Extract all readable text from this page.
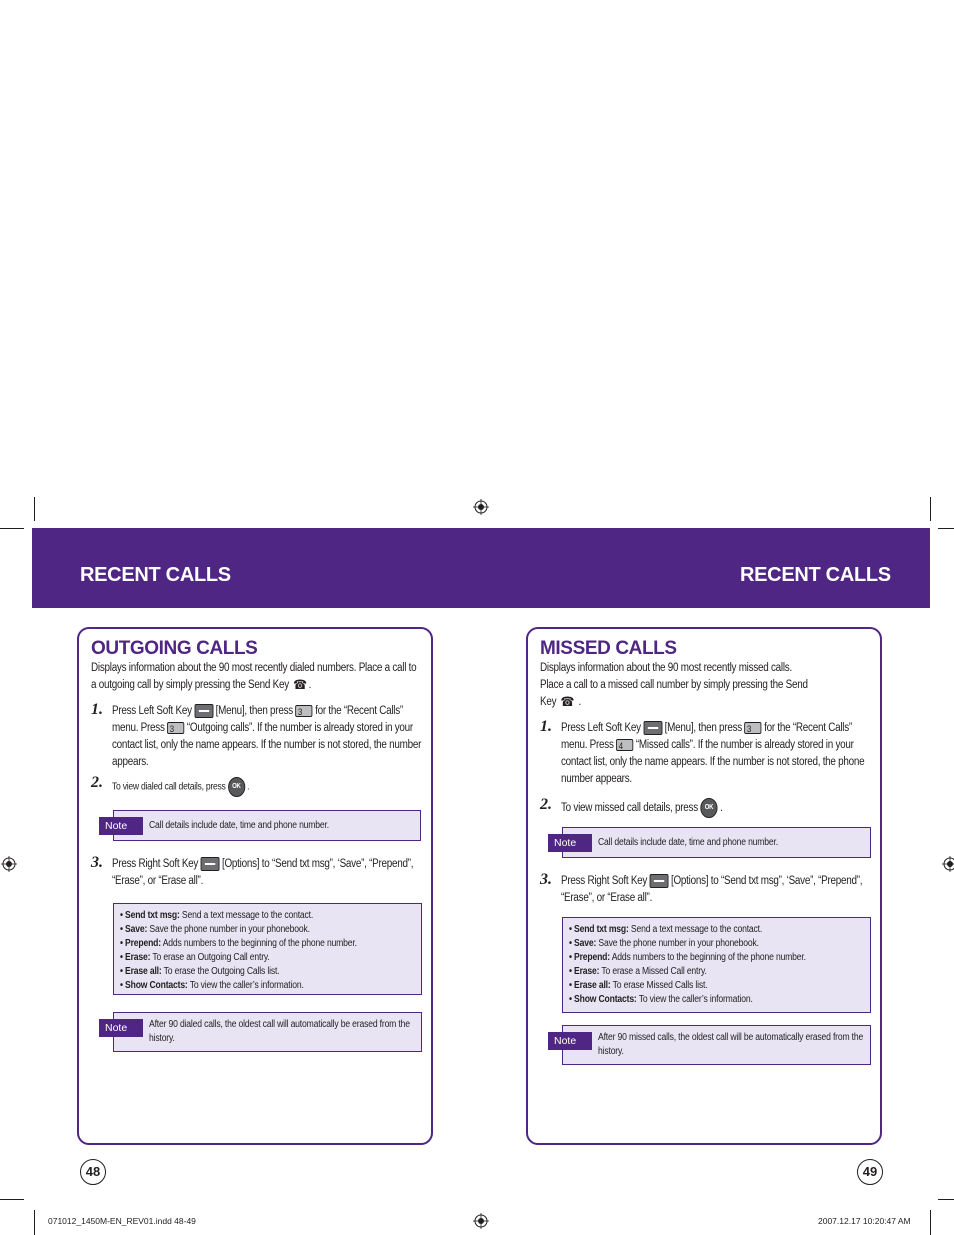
RECENT CALLS	RECENT CALLS
OUTGOING CALLS
Displays information about the 90 most recently dialed numbers. Place a call to a outgoing call by simply pressing the Send Key ☎ .
1. Press Left Soft Key [Menu], then press 3 for the “Recent Calls” menu. Press 3 “Outgoing calls”. If the number is already stored in your contact list, only the name appears. If the number is not stored, the number appears.
2. To view dialed call details, press OK .
Note	Call details include date, time and phone number.
3. Press Right Soft Key [Options] to “Send txt msg”, ‘Save”, “Prepend”, “Erase”, or “Erase all”.
• Send txt msg: Send a text message to the contact.
• Save: Save the phone number in your phonebook.
• Prepend: Adds numbers to the beginning of the phone number.
• Erase: To erase an Outgoing Call entry.
• Erase all: To erase the Outgoing Calls list.
• Show Contacts: To view the caller’s information.
Note	After 90 dialed calls, the oldest call will automatically be erased from the history.
48
MISSED CALLS
Displays information about the 90 most recently missed calls.
Place a call to a missed call number by simply pressing the Send
Key ☎ .
1. Press Left Soft Key [Menu], then press 3 for the “Recent Calls” menu. Press 4 “Missed calls”. If the number is already stored in your contact list, only the name appears. If the number is not stored, the phone number appears.
2. To view missed call details, press OK .
Note	Call details include date, time and phone number.
3. Press Right Soft Key [Options] to “Send txt msg”, ‘Save”, “Prepend”, “Erase”, or “Erase all”.
• Send txt msg: Send a text message to the contact.
• Save: Save the phone number in your phonebook.
• Prepend: Adds numbers to the beginning of the phone number.
• Erase: To erase a Missed Call entry.
• Erase all: To erase Missed Calls list.
• Show Contacts: To view the caller’s information.
Note	After 90 missed calls, the oldest call will be automatically erased from the history.
49
071012_1450M-EN_REV01.indd 48-49	2007.12.17 10:20:47 AM
